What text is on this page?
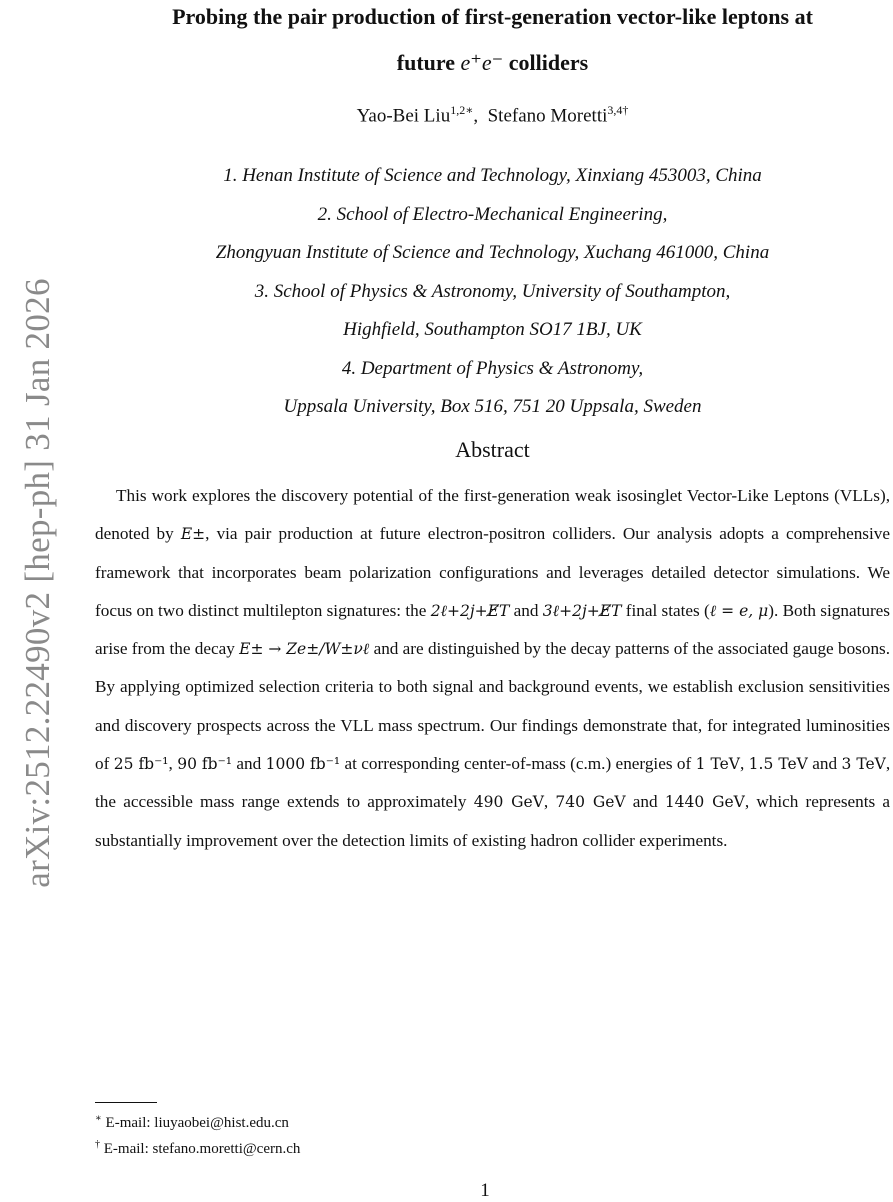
arXiv:2512.22490v2 [hep-ph] 31 Jan 2026
Probing the pair production of first-generation vector-like leptons at
future e⁺e⁻ colliders
Yao-Bei Liu$^{1,2∗}$,  Stefano Moretti$^{3,4\dagger}$
1. Henan Institute of Science and Technology, Xinxiang 453003, China
2. School of Electro-Mechanical Engineering,
Zhongyuan Institute of Science and Technology, Xuchang 461000, China
3. School of Physics & Astronomy, University of Southampton,
Highfield, Southampton SO17 1BJ, UK
4. Department of Physics & Astronomy,
Uppsala University, Box 516, 751 20 Uppsala, Sweden
Abstract

This work explores the discovery potential of the first-generation weak isosinglet Vector-Like Leptons (VLLs), denoted by E±, via pair production at future electron-positron colliders. Our analysis adopts a comprehensive framework that incorporates beam polarization configurations and leverages detailed detector simulations. We focus on two distinct multilepton signatures: the 2ℓ+2j+E̸T and 3ℓ+2j+E̸T final states (ℓ = e, μ). Both signatures arise from the decay E± → Ze±/W±νℓ and are distinguished by the decay patterns of the associated gauge bosons. By applying optimized selection criteria to both signal and background events, we establish exclusion sensitivities and discovery prospects across the VLL mass spectrum. Our findings demonstrate that, for integrated luminosities of 25 fb⁻¹, 90 fb⁻¹ and 1000 fb⁻¹ at corresponding center-of-mass (c.m.) energies of 1 TeV, 1.5 TeV and 3 TeV, the accessible mass range extends to approximately 490 GeV, 740 GeV and 1440 GeV, which represents a substantially improvement over the detection limits of existing hadron collider experiments.

∗ E-mail: liuyaobei@hist.edu.cn
† E-mail: stefano.moretti@cern.ch
1
